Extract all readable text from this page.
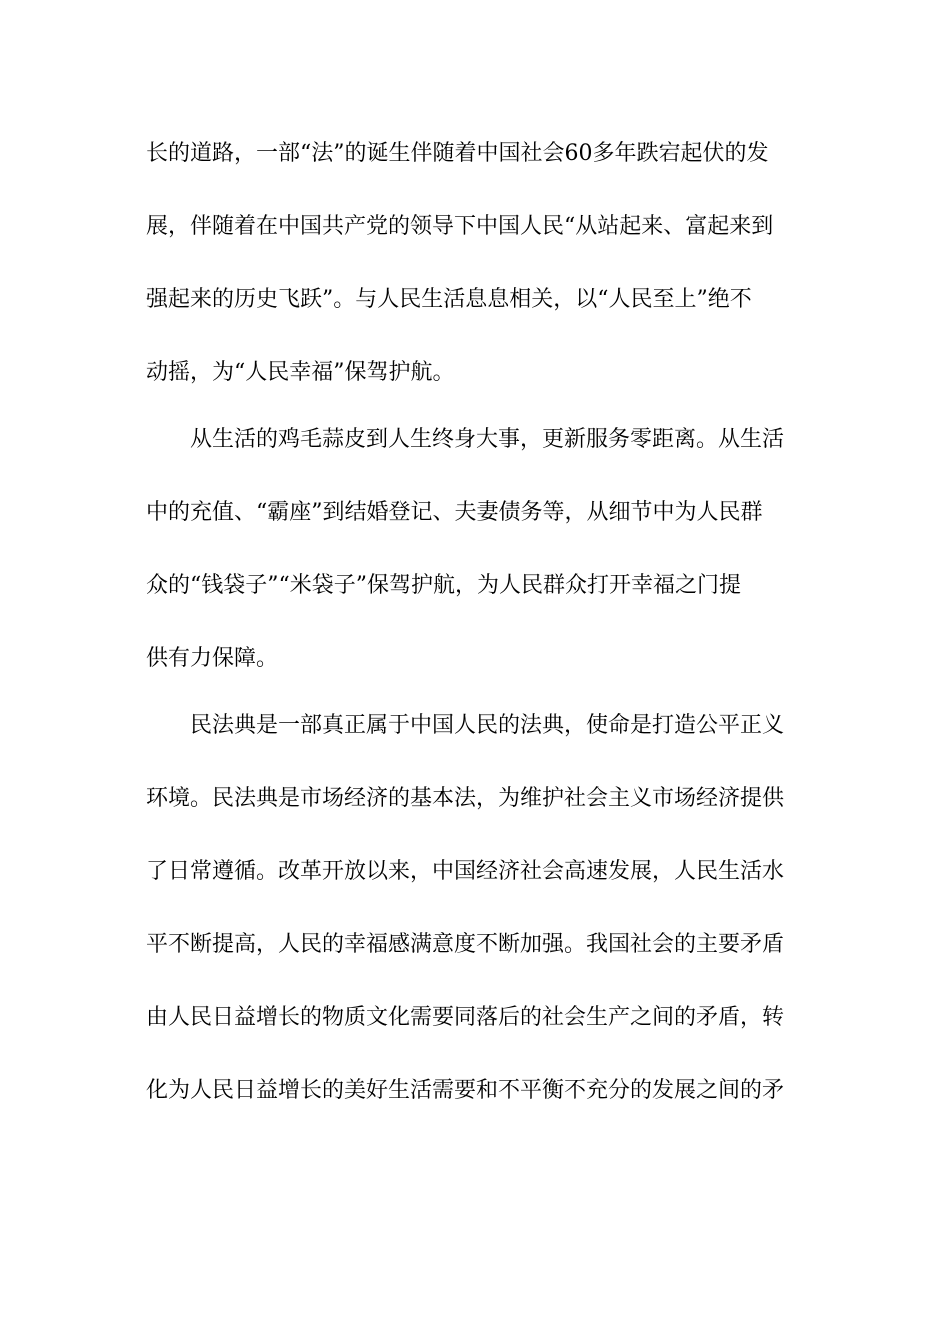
长的道路，一部“法”的诞生伴随着中国社会60多年跌宕起伏的发
展，伴随着在中国共产党的领导下中国人民“从站起来、富起来到
强起来的历史飞跃”。与人民生活息息相关，以“人民至上”绝不
动摇，为“人民幸福”保驾护航。
从生活的鸡毛蒜皮到人生终身大事，更新服务零距离。从生活
中的充值、“霸座”到结婚登记、夫妻债务等，从细节中为人民群
众的“钱袋子”“米袋子”保驾护航，为人民群众打开幸福之门提
供有力保障。
民法典是一部真正属于中国人民的法典，使命是打造公平正义
环境。民法典是市场经济的基本法，为维护社会主义市场经济提供
了日常遵循。改革开放以来，中国经济社会高速发展，人民生活水
平不断提高，人民的幸福感满意度不断加强。我国社会的主要矛盾
由人民日益增长的物质文化需要同落后的社会生产之间的矛盾，转
化为人民日益增长的美好生活需要和不平衡不充分的发展之间的矛
